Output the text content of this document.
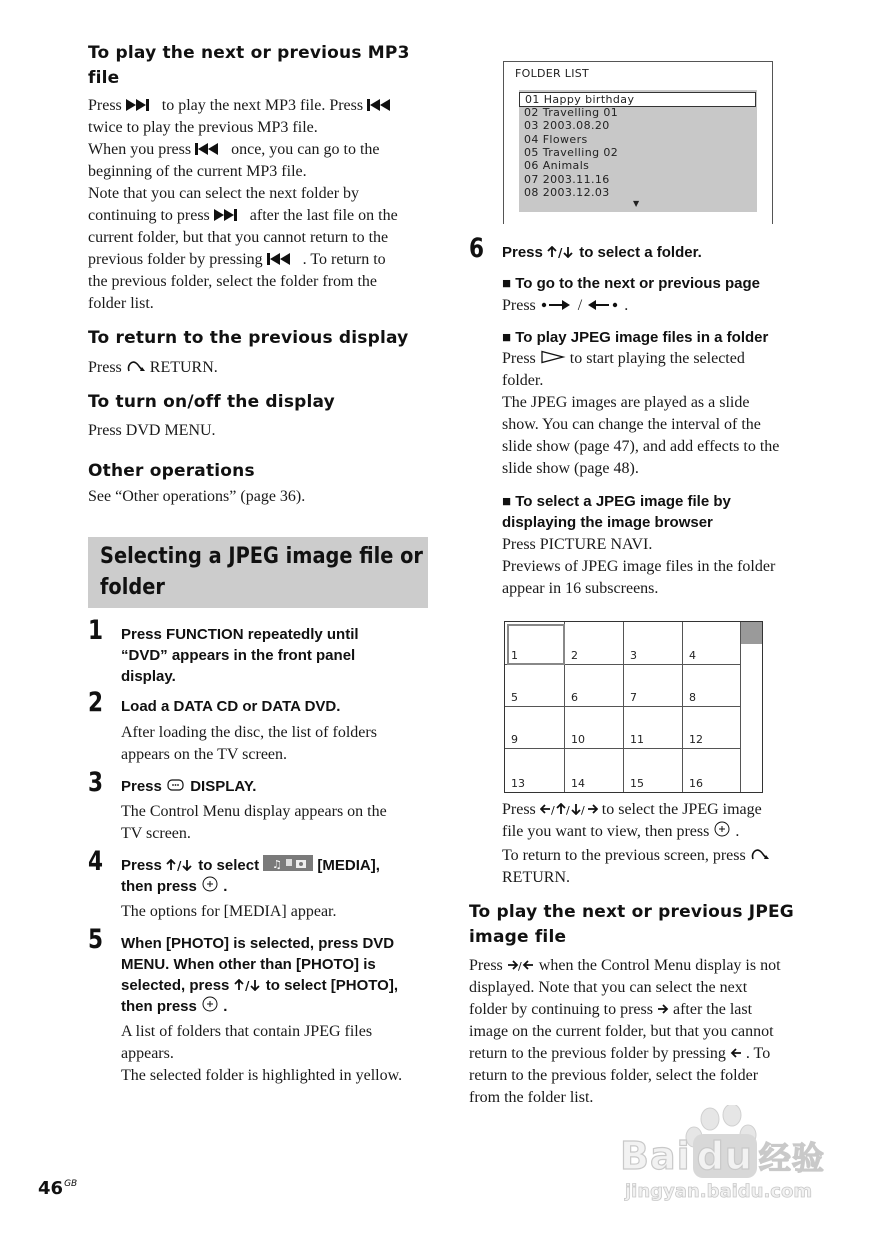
To play the next or previous MP3 file

Press	to play the next MP3 file. Press

twice to play the previous MP3 file.

When you press	once, you can go to the

beginning of the current MP3 file.

Note that you can select the next folder by

continuing to press	after the last file on the

current folder, but that you cannot return to the

previous folder by pressing	. To return to

the previous folder, select the folder from the

folder list.

To return to the previous display

Press RETURN.

To turn on/off the display

Press DVD MENU.

Other operations

See “Other operations” (page 36).

Selecting a JPEG image file or
folder
1 Press FUNCTION repeatedly until
“DVD” appears in the front panel
display.
2 Load a DATA CD or DATA DVD.

After loading the disc, the list of folders

appears on the TV screen.

3 Press DISPLAY.

The Control Menu display appears on the

TV screen.

4 Press / to select ♫ [MEDIA],
then press .

The options for [MEDIA] appear.

5 When [PHOTO] is selected, press DVD
MENU. When other than [PHOTO] is
selected, press / to select [PHOTO],
then press .

A list of folders that contain JPEG files

appears.

The selected folder is highlighted in yellow.

FOLDER LIST
01 Happy birthday
02 Travelling 01
03 2003.08.20
04 Flowers
05 Travelling 02
06 Animals
07 2003.11.16
08 2003.12.03
▼
6 Press / to select a folder.
■ To go to the next or previous page

Press	/	.

■ To play JPEG image files in a folder

Press to start playing the selected

folder.

The JPEG images are played as a slide

show. You can change the interval of the

slide show (page 47), and add effects to the

slide show (page 48).

■ To select a JPEG image file by
displaying the image browser

Press PICTURE NAVI.

Previews of JPEG image files in the folder

appear in 16 subscreens.

1	2	3	4
5	6	7	8
9	10	11	12
13	14	15	16

Press / / / to select the JPEG image

file you want to view, then press .

To return to the previous screen, press

RETURN.

To play the next or previous JPEG
image file

Press / when the Control Menu display is not

displayed. Note that you can select the next

folder by continuing to press after the last

image on the current folder, but that you cannot

return to the previous folder by pressing . To

return to the previous folder, select the folder

from the folder list.

$46^{GB}$
Bai du 经验
jingyan.baidu.com
